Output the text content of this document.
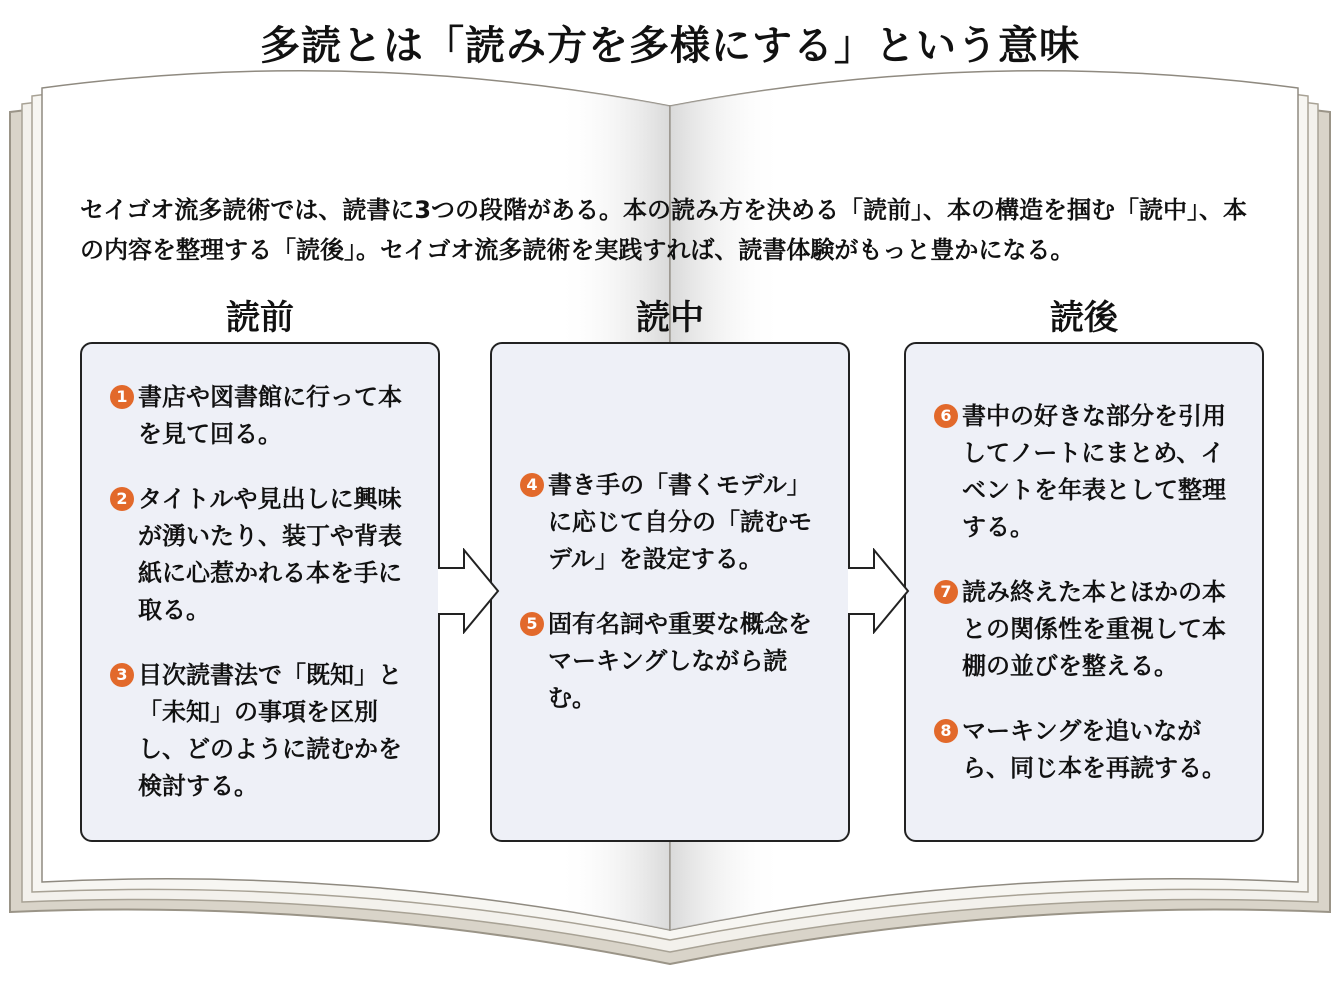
多読とは「読み方を多様にする」という意味
セイゴオ流多読術では、読書に3つの段階がある。本の読み方を決める「読前」、本の構造を掴む「読中」、本の内容を整理する「読後」。セイゴオ流多読術を実践すれば、読書体験がもっと豊かになる。
読前	読中	読後
1 書店や図書館に行って本を見て回る。
2 タイトルや見出しに興味が湧いたり、装丁や背表紙に心惹かれる本を手に取る。
3 目次読書法で「既知」と「未知」の事項を区別し、どのように読むかを検討する。
4 書き手の「書くモデル」に応じて自分の「読むモデル」を設定する。
5 固有名詞や重要な概念をマーキングしながら読む。
6 書中の好きな部分を引用してノートにまとめ、イベントを年表として整理する。
7 読み終えた本とほかの本との関係性を重視して本棚の並びを整える。
8 マーキングを追いながら、同じ本を再読する。
